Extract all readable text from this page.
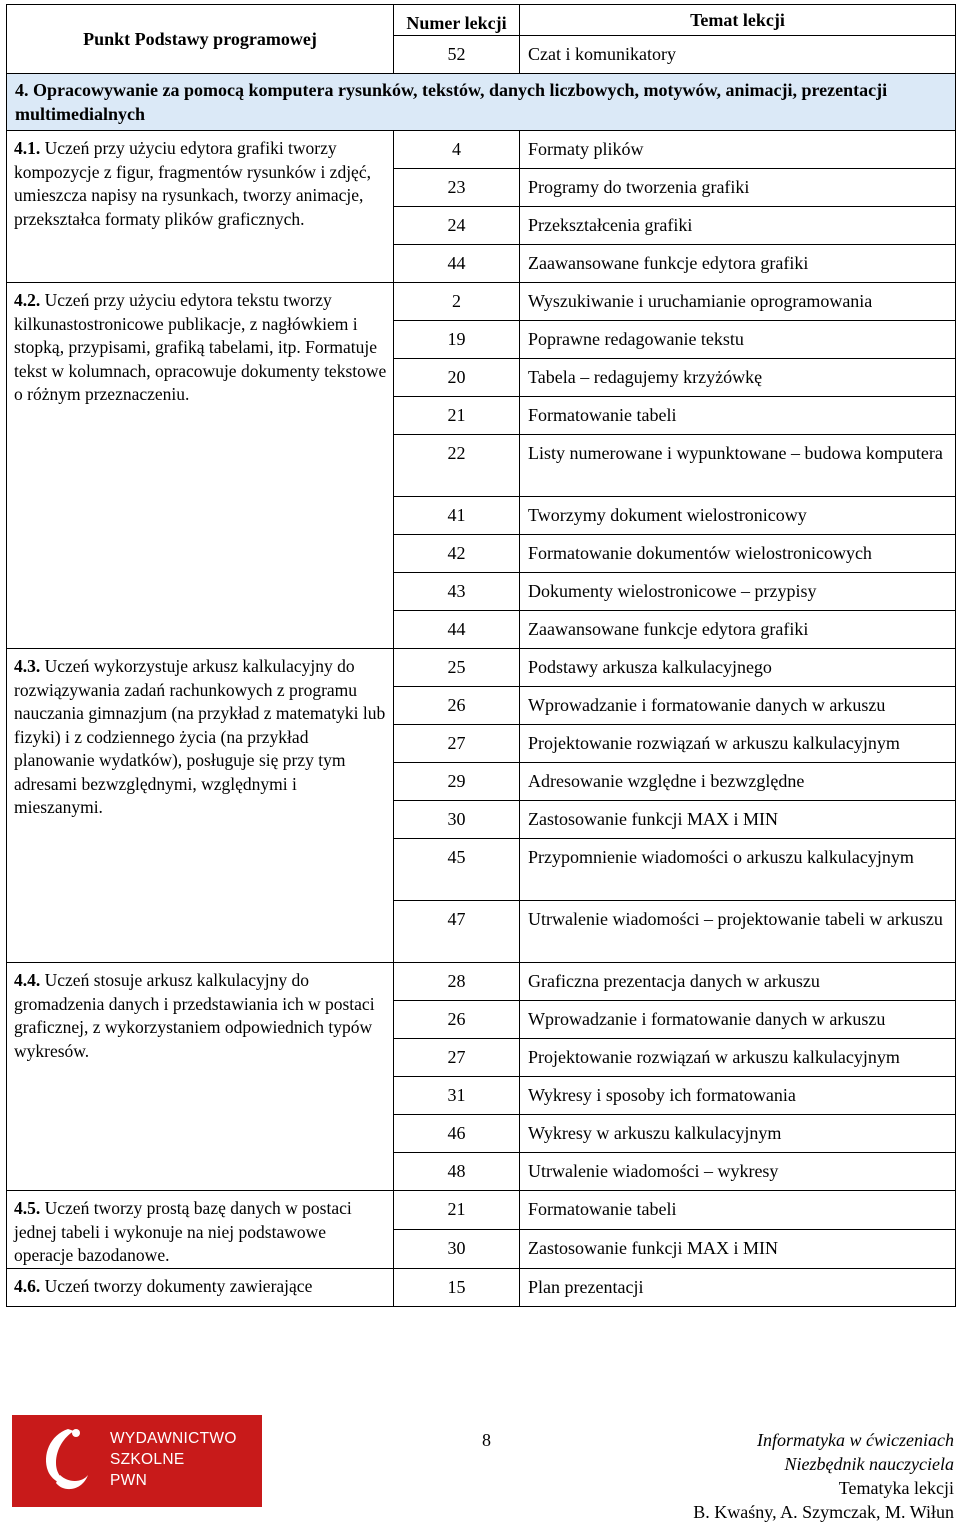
Punkt Podstawy programowej	Numer lekcji	Temat lekcji
	52	Czat i komunikatory
4. Opracowywanie za pomocą komputera rysunków, tekstów, danych liczbowych, motywów, animacji, prezentacji multimedialnych		
4.1. Uczeń przy użyciu edytora grafiki tworzy kompozycje z figur, fragmentów rysunków i zdjęć, umieszcza napisy na rysunkach, tworzy animacje, przekształca formaty plików graficznych.	4	Formaty plików
	23	Programy do tworzenia grafiki
	24	Przekształcenia grafiki
	44	Zaawansowane funkcje edytora grafiki
4.2. Uczeń przy użyciu edytora tekstu tworzy kilkunastostronicowe publikacje, z nagłówkiem i stopką, przypisami, grafiką tabelami, itp. Formatuje tekst w kolumnach, opracowuje dokumenty tekstowe o różnym przeznaczeniu.	2	Wyszukiwanie i uruchamianie oprogramowania
	19	Poprawne redagowanie tekstu
	20	Tabela – redagujemy krzyżówkę
	21	Formatowanie tabeli
	22	Listy numerowane i wypunktowane – budowa komputera
	41	Tworzymy dokument wielostronicowy
	42	Formatowanie dokumentów wielostronicowych
	43	Dokumenty wielostronicowe – przypisy
	44	Zaawansowane funkcje edytora grafiki
4.3. Uczeń wykorzystuje arkusz kalkulacyjny do rozwiązywania zadań rachunkowych z programu nauczania gimnazjum (na przykład z matematyki lub fizyki) i z codziennego życia (na przykład planowanie wydatków), posługuje się przy tym adresami bezwzględnymi, względnymi i mieszanymi.	25	Podstawy arkusza kalkulacyjnego
	26	Wprowadzanie i formatowanie danych w arkuszu
	27	Projektowanie rozwiązań w arkuszu kalkulacyjnym
	29	Adresowanie względne i bezwzględne
	30	Zastosowanie funkcji MAX i MIN
	45	Przypomnienie wiadomości o arkuszu kalkulacyjnym
	47	Utrwalenie wiadomości – projektowanie tabeli w arkuszu
4.4. Uczeń stosuje arkusz kalkulacyjny do gromadzenia danych i przedstawiania ich w postaci graficznej, z wykorzystaniem odpowiednich typów wykresów.	28	Graficzna prezentacja danych w arkuszu
	26	Wprowadzanie i formatowanie danych w arkuszu
	27	Projektowanie rozwiązań w arkuszu kalkulacyjnym
	31	Wykresy i sposoby ich formatowania
	46	Wykresy w arkuszu kalkulacyjnym
	48	Utrwalenie wiadomości – wykresy
4.5. Uczeń tworzy prostą bazę danych w postaci jednej tabeli i wykonuje na niej podstawowe operacje bazodanowe.	21	Formatowanie tabeli
	30	Zastosowanie funkcji MAX i MIN
4.6. Uczeń tworzy dokumenty zawierające	15	Plan prezentacji
WYDAWNICTWO
SZKOLNE
PWN
8	Informatyka w ćwiczeniach
Niezbędnik nauczyciela
Tematyka lekcji
B. Kwaśny, A. Szymczak, M. Wiłun
